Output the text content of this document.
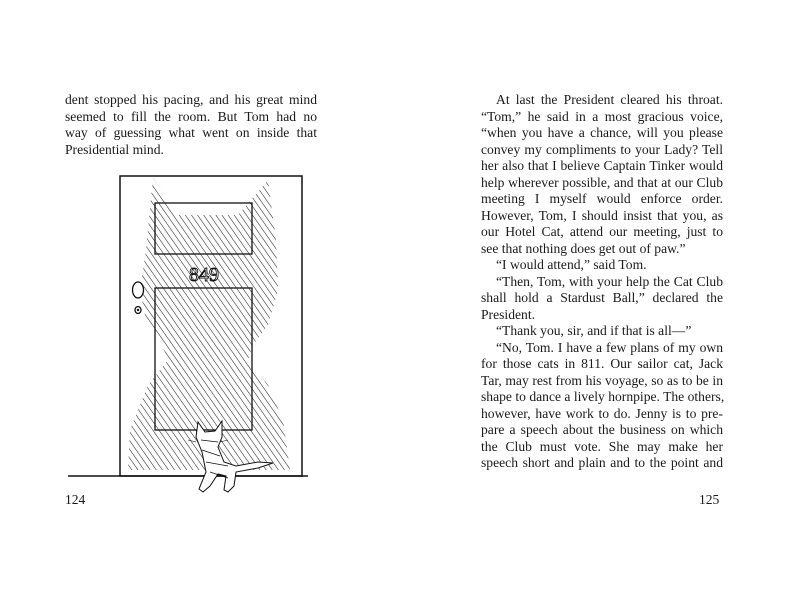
dent stopped his pacing, and his great mind
seemed to fill the room. But Tom had no
way of guessing what went on inside that
Presidential mind.

849
124

At last the President cleared his throat.
“Tom,” he said in a most gracious voice,
“when you have a chance, will you please
convey my compliments to your Lady? Tell
her also that I believe Captain Tinker would
help wherever possible, and that at our Club
meeting I myself would enforce order.
However, Tom, I should insist that you, as
our Hotel Cat, attend our meeting, just to
see that nothing does get out of paw.”

“I would attend,” said Tom.

“Then, Tom, with your help the Cat Club
shall hold a Stardust Ball,” declared the
President.

“Thank you, sir, and if that is all—”

“No, Tom. I have a few plans of my own
for those cats in 811. Our sailor cat, Jack
Tar, may rest from his voyage, so as to be in
shape to dance a lively hornpipe. The others,
however, have work to do. Jenny is to pre-
pare a speech about the business on which
the Club must vote. She may make her
speech short and plain and to the point and

125
